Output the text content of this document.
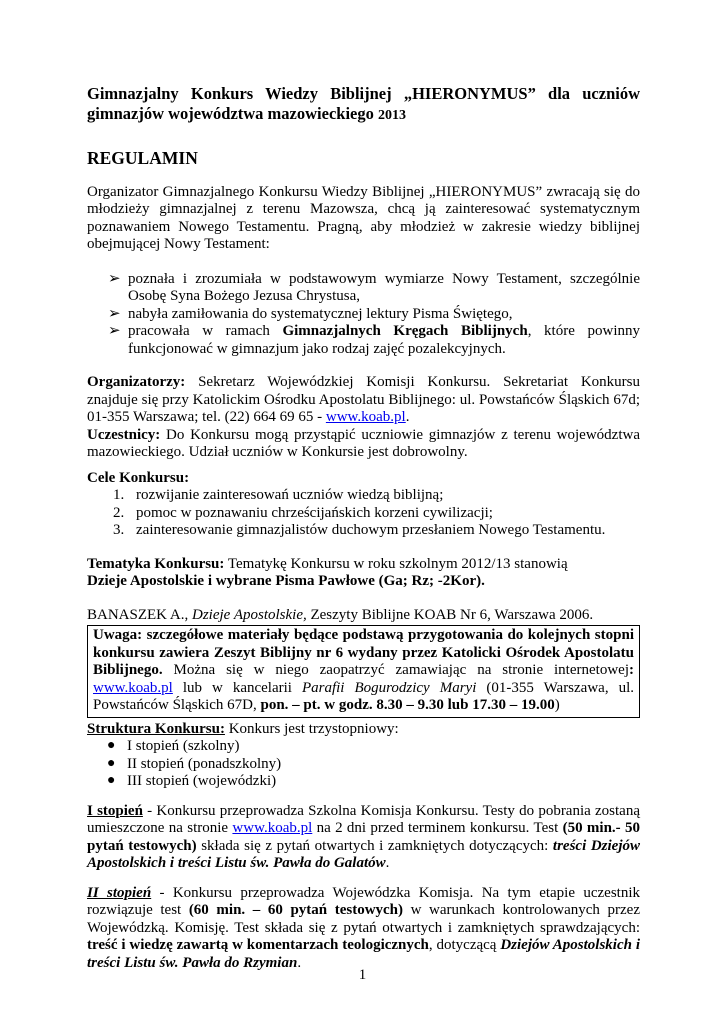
Gimnazjalny Konkurs Wiedzy Biblijnej „HIERONYMUS” dla uczniów gimnazjów województwa mazowieckiego 2013

REGULAMIN

Organizator Gimnazjalnego Konkursu Wiedzy Biblijnej „HIERONYMUS” zwracają się do młodzieży gimnazjalnej z terenu Mazowsza, chcą ją zainteresować systematycznym poznawaniem Nowego Testamentu. Pragną, aby młodzież w zakresie wiedzy biblijnej obejmującej Nowy Testament:

➢ poznała i zrozumiała w podstawowym wymiarze Nowy Testament, szczególnie Osobę Syna Bożego Jezusa Chrystusa,
➢ nabyła zamiłowania do systematycznej lektury Pisma Świętego,
➢ pracowała w ramach Gimnazjalnych Kręgach Biblijnych, które powinny funkcjonować w gimnazjum jako rodzaj zajęć pozalekcyjnych.

Organizatorzy: Sekretarz Wojewódzkiej Komisji Konkursu. Sekretariat Konkursu znajduje się przy Katolickim Ośrodku Apostolatu Biblijnego: ul. Powstańców Śląskich 67d; 01-355 Warszawa; tel. (22) 664 69 65 - www.koab.pl.

Uczestnicy: Do Konkursu mogą przystąpić uczniowie gimnazjów z terenu województwa mazowieckiego. Udział uczniów w Konkursie jest dobrowolny.

Cele Konkursu:

1. rozwijanie zainteresowań uczniów wiedzą biblijną;
2. pomoc w poznawaniu chrześcijańskich korzeni cywilizacji;
3. zainteresowanie gimnazjalistów duchowym przesłaniem Nowego Testamentu.

Tematyka Konkursu: Tematykę Konkursu w roku szkolnym 2012/13 stanowią

Dzieje Apostolskie i wybrane Pisma Pawłowe (Ga; Rz; -2Kor).

BANASZEK A., Dzieje Apostolskie, Zeszyty Biblijne KOAB Nr 6, Warszawa 2006.

Uwaga: szczegółowe materiały będące podstawą przygotowania do kolejnych stopni konkursu zawiera Zeszyt Biblijny nr 6 wydany przez Katolicki Ośrodek Apostolatu Biblijnego. Można się w niego zaopatrzyć zamawiając na stronie internetowej: www.koab.pl lub w kancelarii Parafii Bogurodzicy Maryi (01-355 Warszawa, ul. Powstańców Śląskich 67D, pon. – pt. w godz. 8.30 – 9.30 lub 17.30 – 19.00)

Struktura Konkursu: Konkurs jest trzystopniowy:

● I stopień (szkolny)
● II stopień (ponadszkolny)
● III stopień (wojewódzki)

I stopień - Konkursu przeprowadza Szkolna Komisja Konkursu. Testy do pobrania zostaną umieszczone na stronie www.koab.pl na 2 dni przed terminem konkursu. Test (50 min.- 50 pytań testowych) składa się z pytań otwartych i zamkniętych dotyczących: treści Dziejów Apostolskich i treści Listu św. Pawła do Galatów.

II stopień - Konkursu przeprowadza Wojewódzka Komisja. Na tym etapie uczestnik rozwiązuje test (60 min. – 60 pytań testowych) w warunkach kontrolowanych przez Wojewódzką. Komisję. Test składa się z pytań otwartych i zamkniętych sprawdzających: treść i wiedzę zawartą w komentarzach teologicznych, dotyczącą Dziejów Apostolskich i treści Listu św. Pawła do Rzymian.

1
